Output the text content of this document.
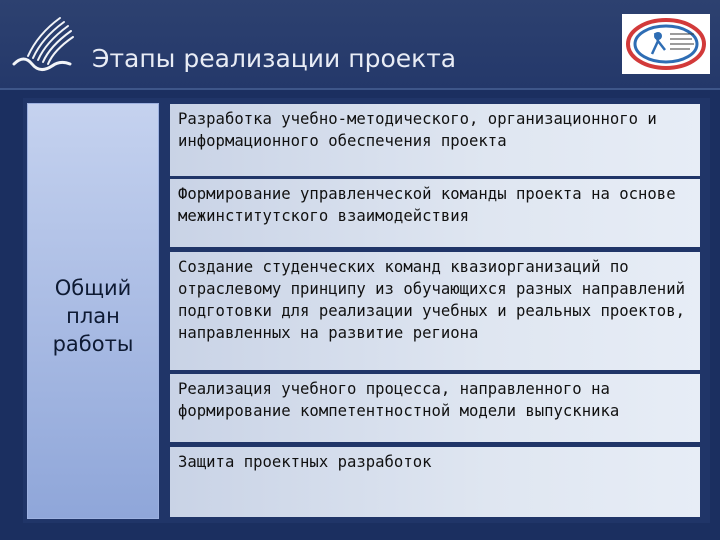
Этапы реализации проекта
Общий план работы

Разработка учебно-методического, организационного и информационного обеспечения проекта

Формирование управленческой команды проекта на основе межинститутского взаимодействия

Создание студенческих команд квазиорганизаций по отраслевому принципу из обучающихся разных направлений подготовки для реализации учебных и реальных проектов, направленных на развитие региона

Реализация учебного процесса, направленного на формирование компетентностной модели выпускника

Защита проектных разработок
